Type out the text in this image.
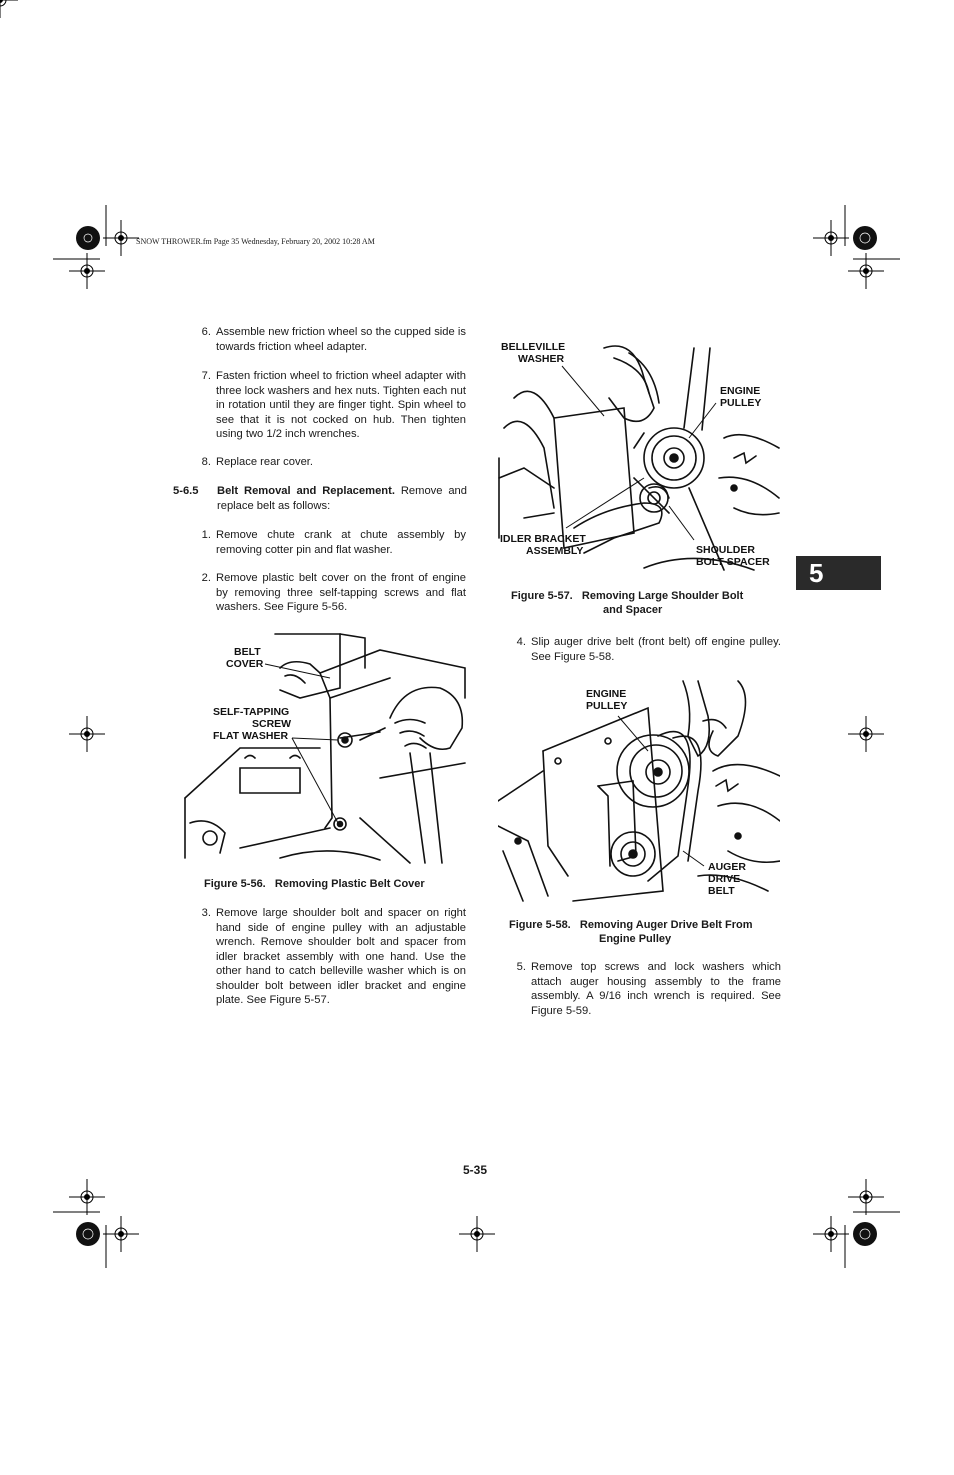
SNOW THROWER.fm Page 35 Wednesday, February 20, 2002 10:28 AM
6. Assemble new friction wheel so the cupped side is towards friction wheel adapter.
7. Fasten friction wheel to friction wheel adapter with three lock washers and hex nuts. Tighten each nut in rotation until they are finger tight. Spin wheel to see that it is not cocked on hub. Then tighten using two 1/2 inch wrenches.
8. Replace rear cover.
5-6.5 Belt Removal and Replacement. Remove and replace belt as follows:
1. Remove chute crank at chute assembly by removing cotter pin and flat washer.
2. Remove plastic belt cover on the front of engine by removing three self-tapping screws and flat washers. See Figure 5-56.
BELT
COVER
SELF-TAPPING
SCREW
FLAT WASHER
Figure 5-56. Removing Plastic Belt Cover
3. Remove large shoulder bolt and spacer on right hand side of engine pulley with an adjustable wrench. Remove shoulder bolt and spacer from idler bracket assembly with one hand. Use the other hand to catch belleville washer which is on shoulder bolt between idler bracket and engine plate. See Figure 5-57.
BELLEVILLE
WASHER
ENGINE
PULLEY
IDLER BRACKET
ASSEMBLY	SHOULDER
BOLT SPACER
Figure 5-57. Removing Large Shoulder Bolt
and Spacer
4. Slip auger drive belt (front belt) off engine pulley. See Figure 5-58.
ENGINE
PULLEY
AUGER
DRIVE
BELT
Figure 5-58. Removing Auger Drive Belt From
Engine Pulley
5. Remove top screws and lock washers which attach auger housing assembly to the frame assembly. A 9/16 inch wrench is required. See Figure 5-59.
5
5-35
